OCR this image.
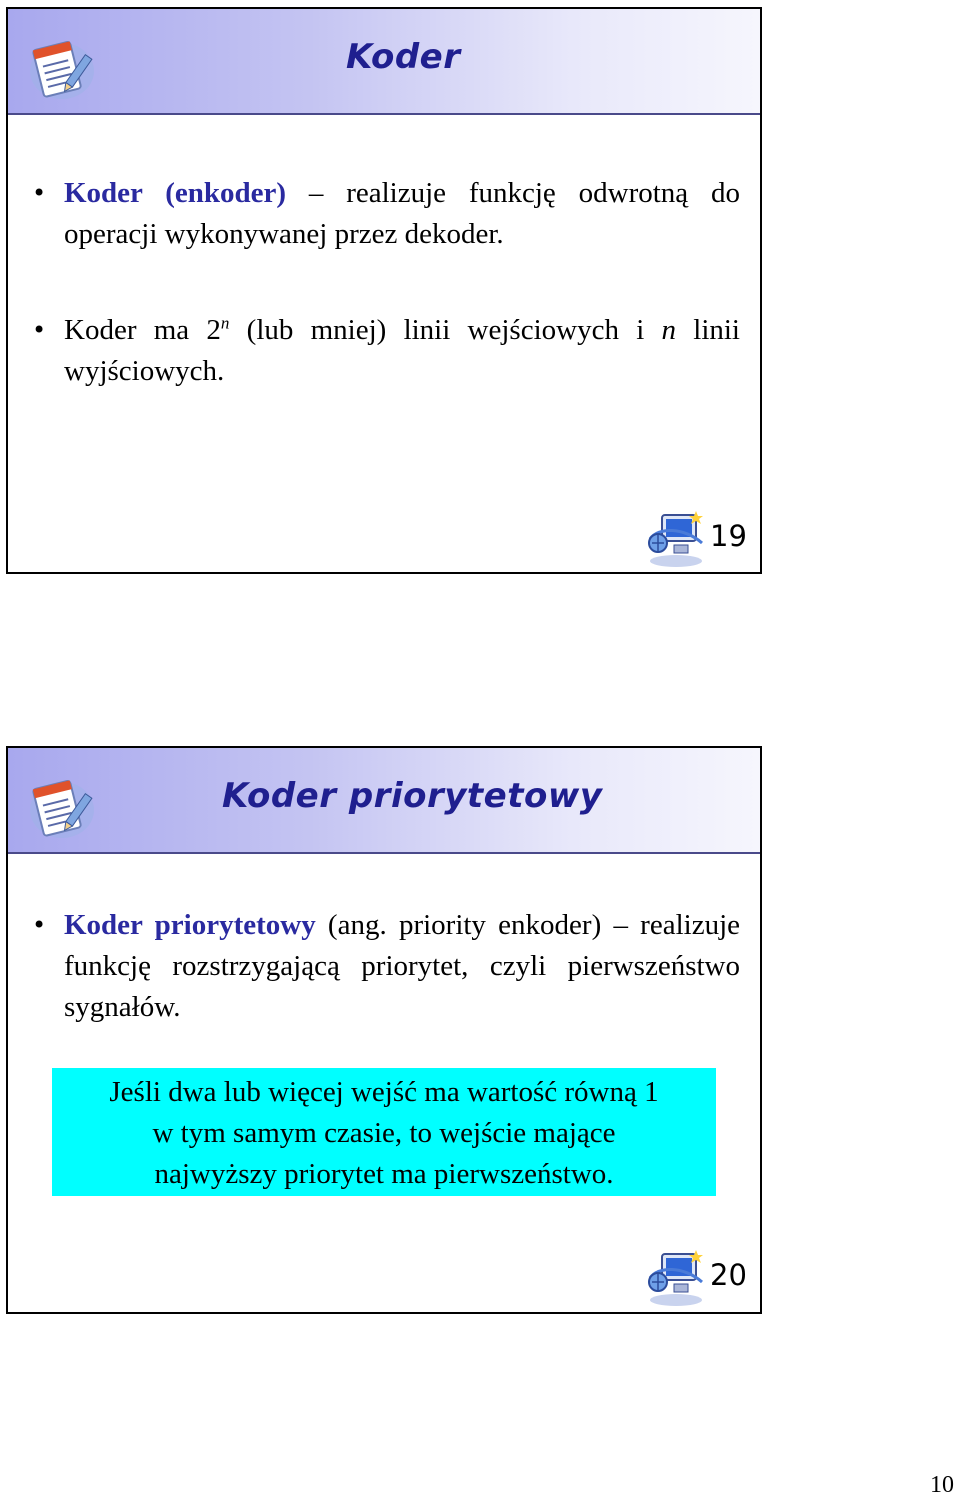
Koder
• Koder (enkoder) – realizuje funkcję odwrotną do operacji wykonywanej przez dekoder.
• Koder ma 2$^n$ (lub mniej) linii wejściowych i n linii wyjściowych.
19
Koder priorytetowy
• Koder priorytetowy (ang. priority enkoder) – realizuje funkcję rozstrzygającą priorytet, czyli pierwszeństwo sygnałów.
Jeśli dwa lub więcej wejść ma wartość równą 1
w tym samym czasie, to wejście mające
najwyższy priorytet ma pierwszeństwo.
20
10
